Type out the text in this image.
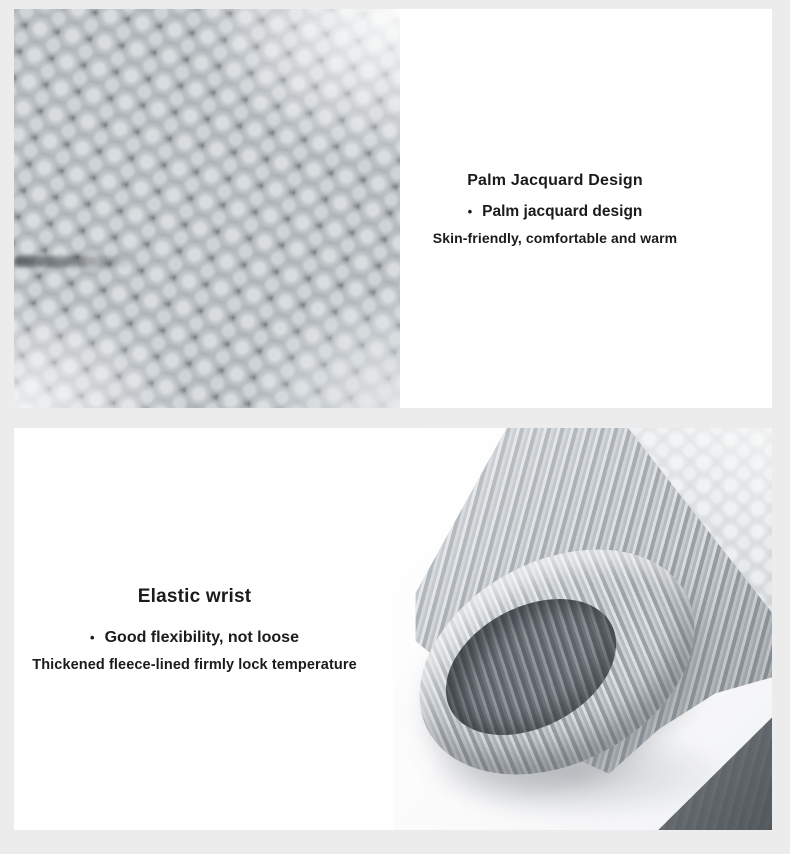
Palm Jacquard Design
•
Palm jacquard design

Skin-friendly, comfortable and warm

Elastic wrist
•
Good flexibility, not loose

Thickened fleece-lined firmly lock temperature
